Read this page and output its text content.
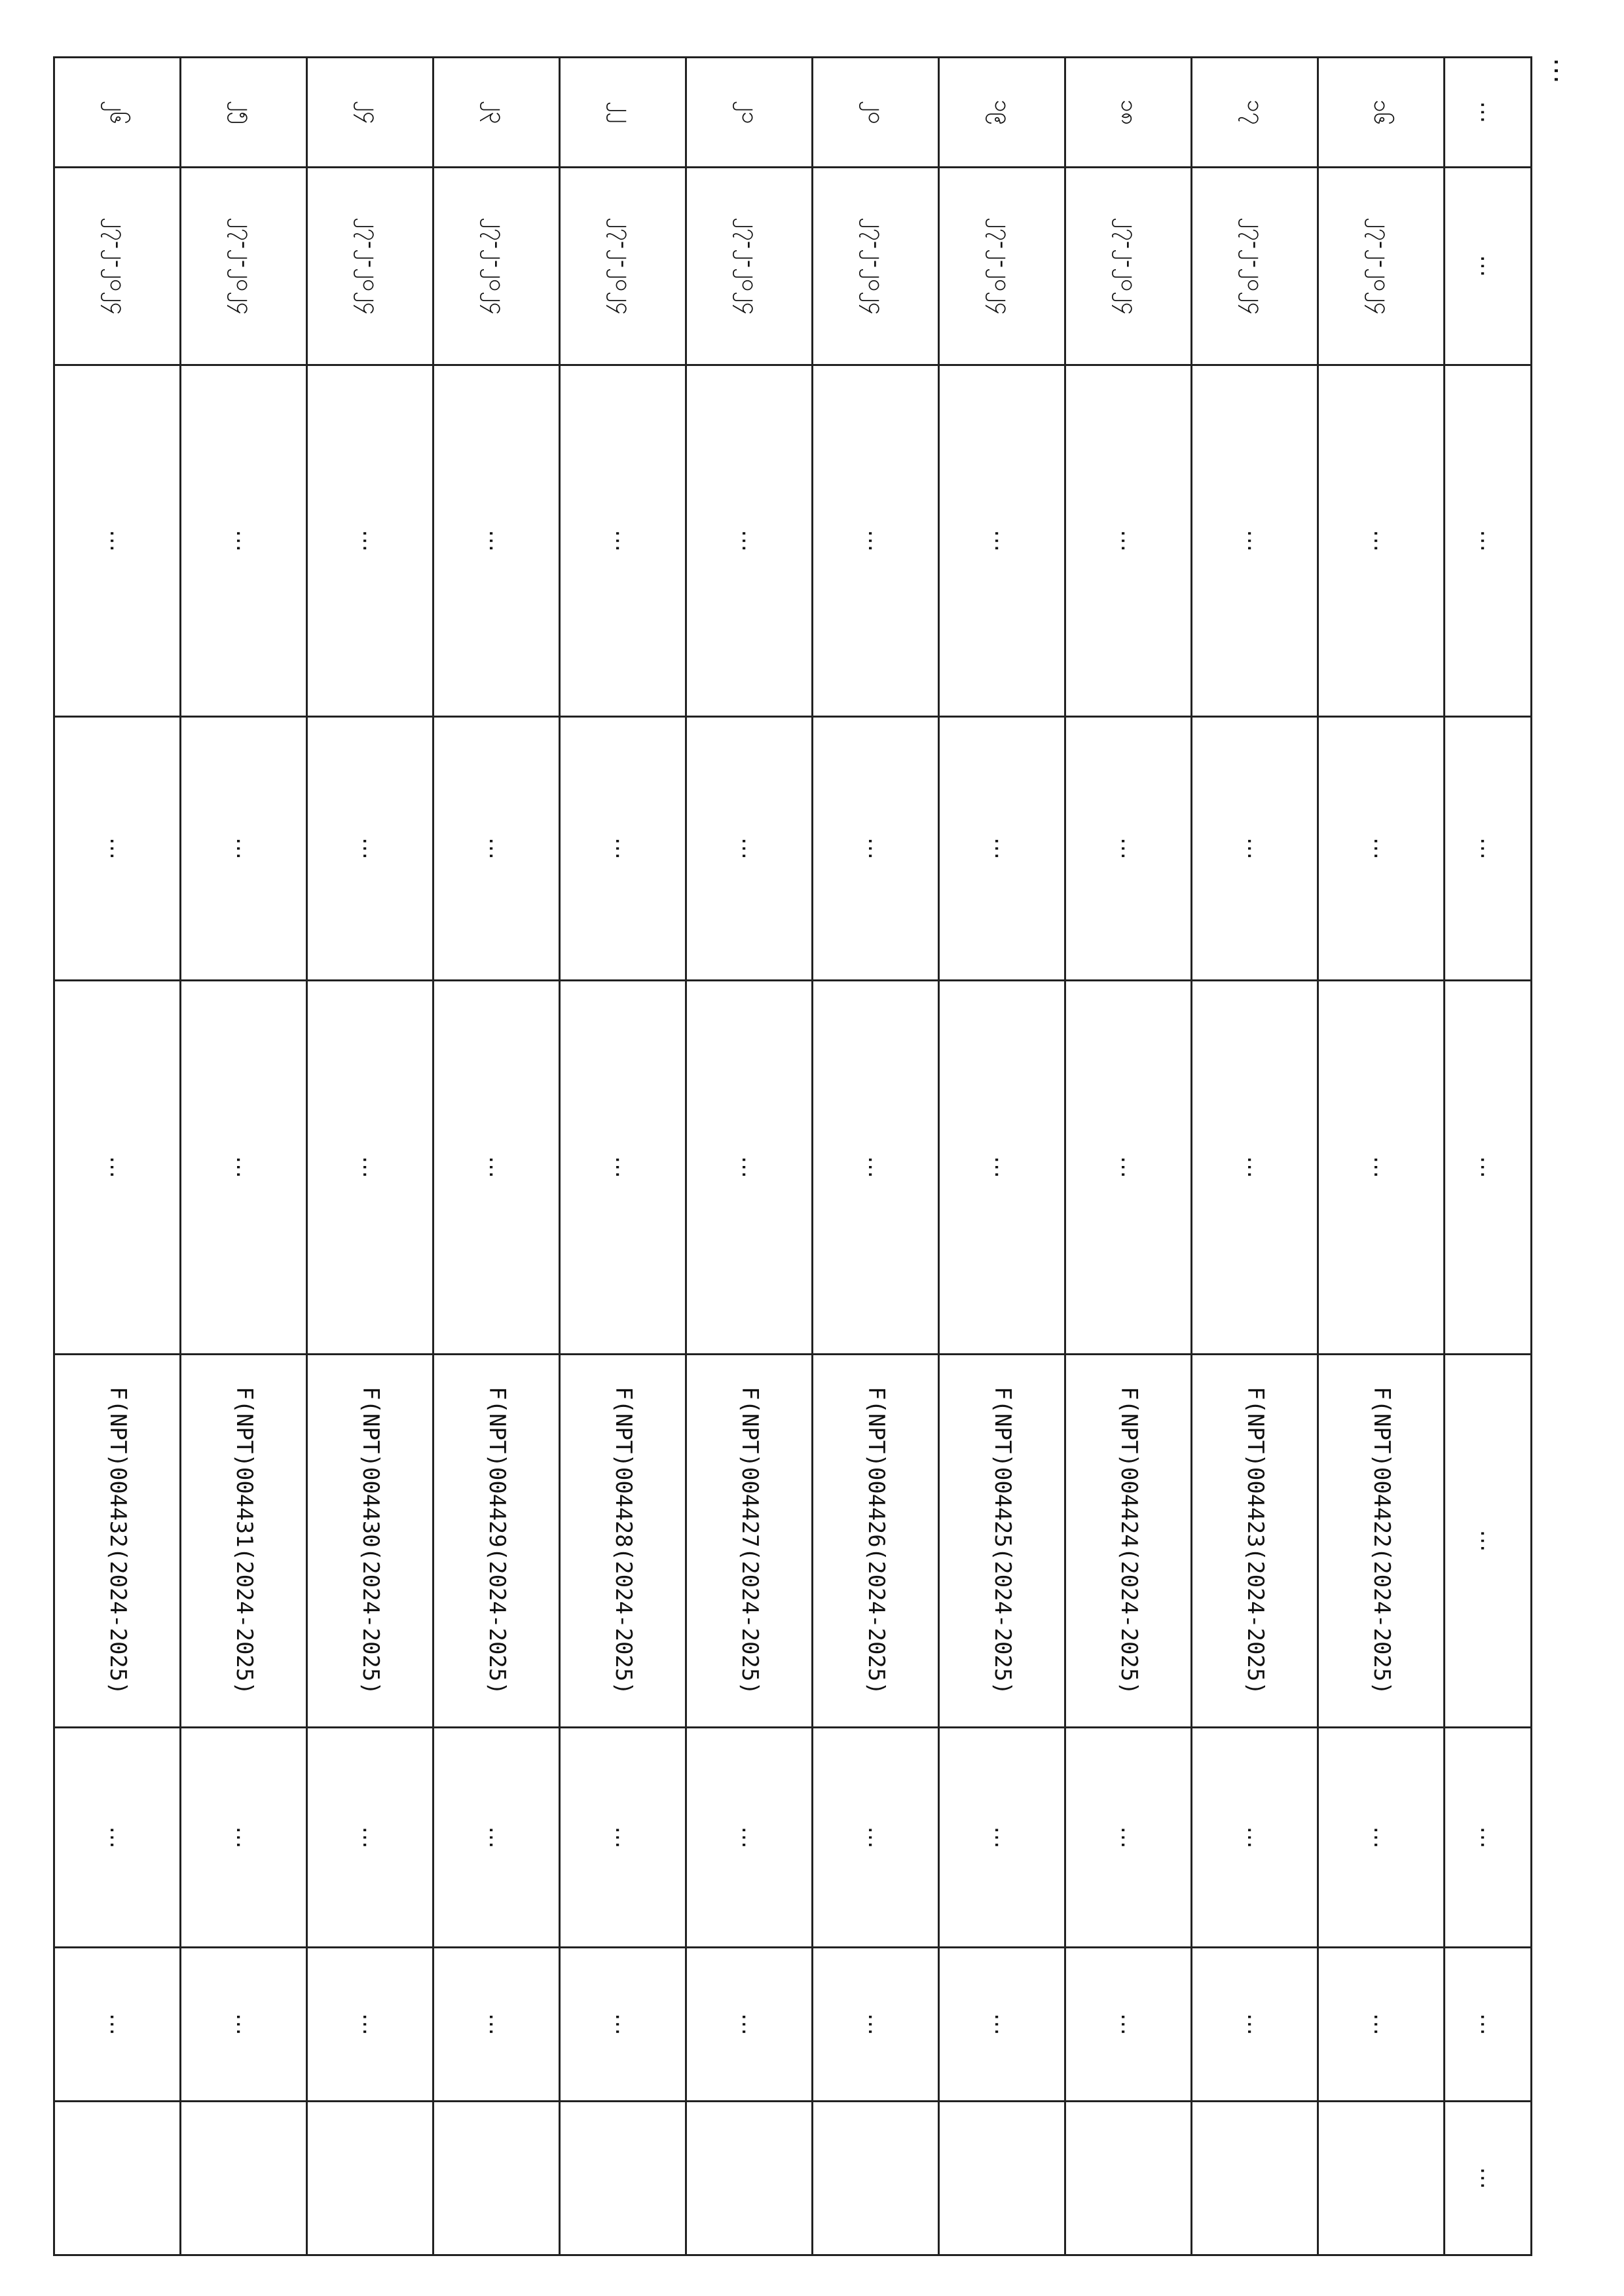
…
…	…	…	…	…	…	…	…	…
၁၆	၂၇-၂-၂၀၂၄	…	…	…	F(NPT)004422(2024-2025)	…	…	
၁၇	၂၇-၂-၂၀၂၄	…	…	…	F(NPT)004423(2024-2025)	…	…	
၁၈	၂၇-၂-၂၀၂၄	…	…	…	F(NPT)004424(2024-2025)	…	…	
၁၉	၂၇-၂-၂၀၂၄	…	…	…	F(NPT)004425(2024-2025)	…	…	
၂၀	၂၇-၂-၂၀၂၄	…	…	…	F(NPT)004426(2024-2025)	…	…	
၂၁	၂၇-၂-၂၀၂၄	…	…	…	F(NPT)004427(2024-2025)	…	…	
၂၂	၂၇-၂-၂၀၂၄	…	…	…	F(NPT)004428(2024-2025)	…	…	
၂၃	၂၇-၂-၂၀၂၄	…	…	…	F(NPT)004429(2024-2025)	…	…	
၂၄	၂၇-၂-၂၀၂၄	…	…	…	F(NPT)004430(2024-2025)	…	…	
၂၅	၂၇-၂-၂၀၂၄	…	…	…	F(NPT)004431(2024-2025)	…	…	
၂၆	၂၇-၂-၂၀၂၄	…	…	…	F(NPT)004432(2024-2025)	…	…	
